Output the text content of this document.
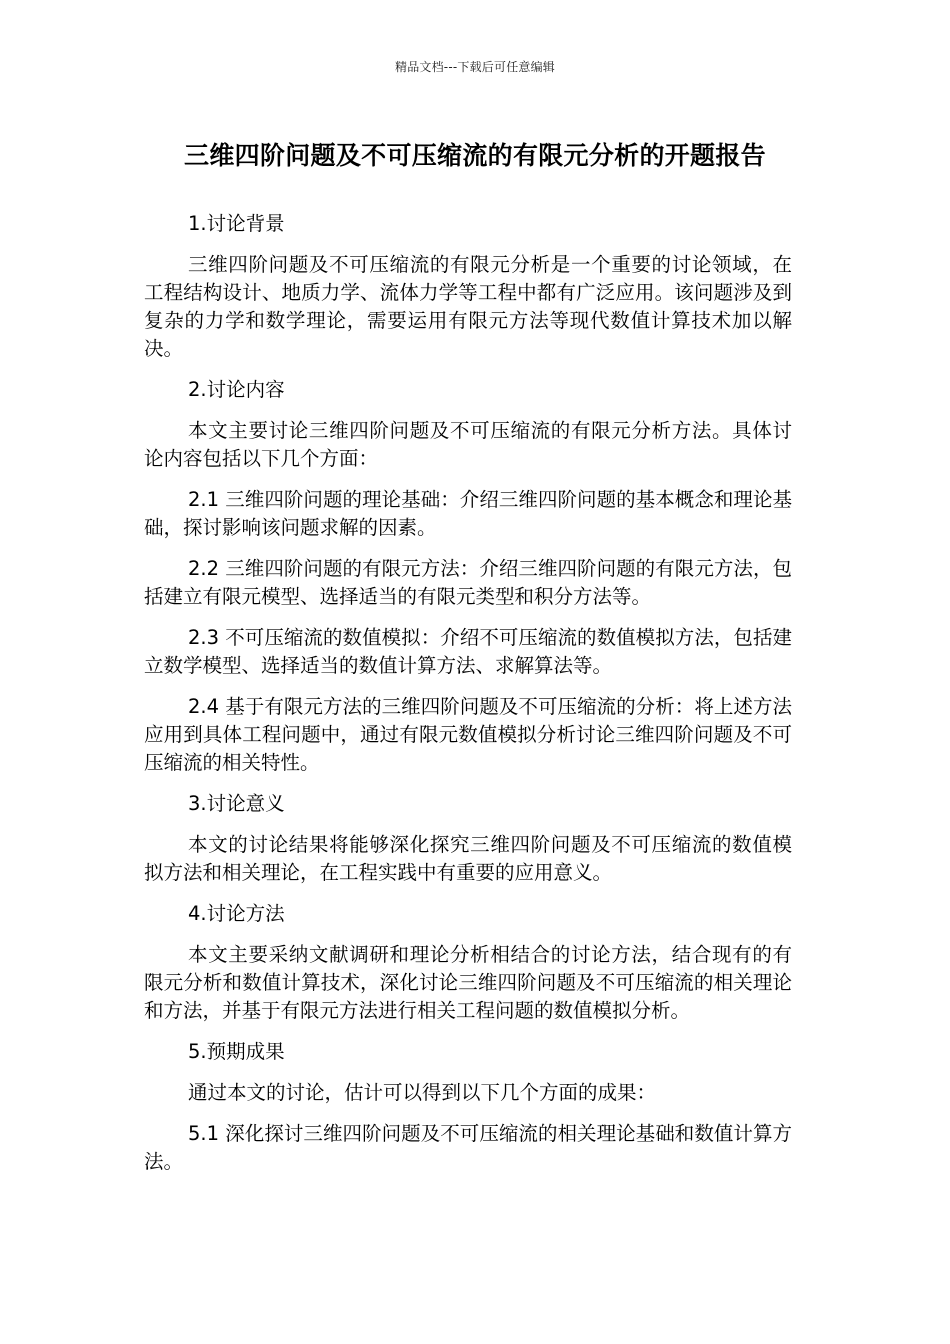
精品文档---下载后可任意编辑
三维四阶问题及不可压缩流的有限元分析的开题报告
1.讨论背景
三维四阶问题及不可压缩流的有限元分析是一个重要的讨论领域，在工程结构设计、地质力学、流体力学等工程中都有广泛应用。该问题涉及到复杂的力学和数学理论，需要运用有限元方法等现代数值计算技术加以解决。
2.讨论内容
本文主要讨论三维四阶问题及不可压缩流的有限元分析方法。具体讨论内容包括以下几个方面：
2.1 三维四阶问题的理论基础：介绍三维四阶问题的基本概念和理论基础，探讨影响该问题求解的因素。
2.2 三维四阶问题的有限元方法：介绍三维四阶问题的有限元方法，包括建立有限元模型、选择适当的有限元类型和积分方法等。
2.3 不可压缩流的数值模拟：介绍不可压缩流的数值模拟方法，包括建立数学模型、选择适当的数值计算方法、求解算法等。
2.4 基于有限元方法的三维四阶问题及不可压缩流的分析：将上述方法应用到具体工程问题中，通过有限元数值模拟分析讨论三维四阶问题及不可压缩流的相关特性。
3.讨论意义
本文的讨论结果将能够深化探究三维四阶问题及不可压缩流的数值模拟方法和相关理论，在工程实践中有重要的应用意义。
4.讨论方法
本文主要采纳文献调研和理论分析相结合的讨论方法，结合现有的有限元分析和数值计算技术，深化讨论三维四阶问题及不可压缩流的相关理论和方法，并基于有限元方法进行相关工程问题的数值模拟分析。
5.预期成果
通过本文的讨论，估计可以得到以下几个方面的成果：
5.1 深化探讨三维四阶问题及不可压缩流的相关理论基础和数值计算方法。
